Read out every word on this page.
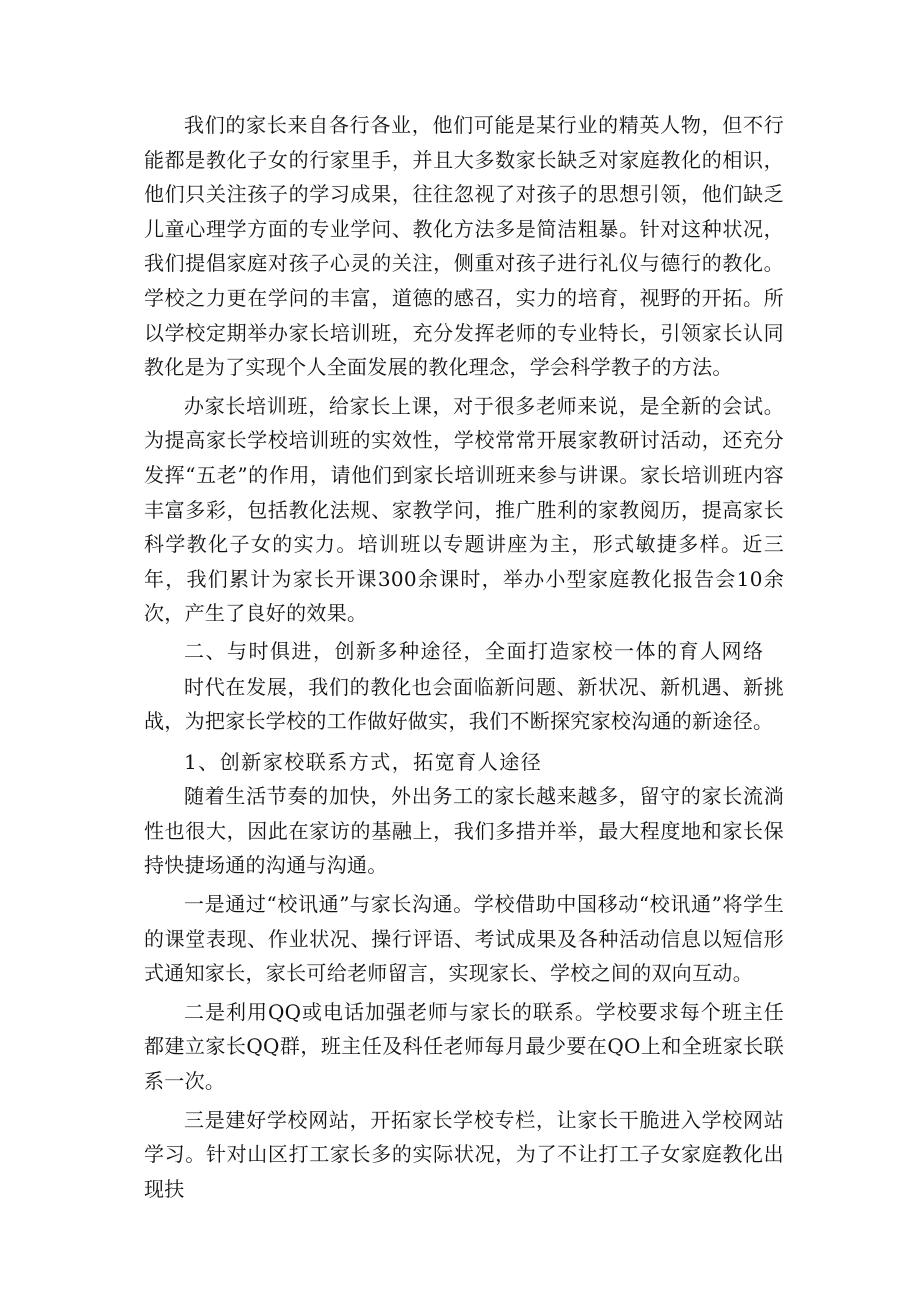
我们的家长来自各行各业，他们可能是某行业的精英人物，但不行能都是教化子女的行家里手，并且大多数家长缺乏对家庭教化的相识，他们只关注孩子的学习成果，往往忽视了对孩子的思想引领，他们缺乏儿童心理学方面的专业学问、教化方法多是简洁粗暴。针对这种状况，我们提倡家庭对孩子心灵的关注，侧重对孩子进行礼仪与德行的教化。学校之力更在学问的丰富，道德的感召，实力的培育，视野的开拓。所以学校定期举办家长培训班，充分发挥老师的专业特长，引领家长认同教化是为了实现个人全面发展的教化理念，学会科学教子的方法。

办家长培训班，给家长上课，对于很多老师来说，是全新的会试。为提高家长学校培训班的实效性，学校常常开展家教研讨活动，还充分发挥“五老”的作用，请他们到家长培训班来参与讲课。家长培训班内容丰富多彩，包括教化法规、家教学问，推广胜利的家教阅历，提高家长科学教化子女的实力。培训班以专题讲座为主，形式敏捷多样。近三年，我们累计为家长开课300余课时，举办小型家庭教化报告会10余次，产生了良好的效果。

二、与时俱进，创新多种途径，全面打造家校一体的育人网络

时代在发展，我们的教化也会面临新问题、新状况、新机遇、新挑战，为把家长学校的工作做好做实，我们不断探究家校沟通的新途径。

1、创新家校联系方式，拓宽育人途径

随着生活节奏的加快，外出务工的家长越来越多，留守的家长流淌性也很大，因此在家访的基融上，我们多措并举，最大程度地和家长保持快捷场通的沟通与沟通。

一是通过“校讯通”与家长沟通。学校借助中国移动“校讯通”将学生的课堂表现、作业状况、操行评语、考试成果及各种活动信息以短信形式通知家长，家长可给老师留言，实现家长、学校之间的双向互动。

二是利用QQ或电话加强老师与家长的联系。学校要求每个班主任都建立家长QQ群，班主任及科任老师每月最少要在QO上和全班家长联系一次。

三是建好学校网站，开拓家长学校专栏，让家长干脆进入学校网站学习。针对山区打工家长多的实际状况，为了不让打工子女家庭教化出现扶
